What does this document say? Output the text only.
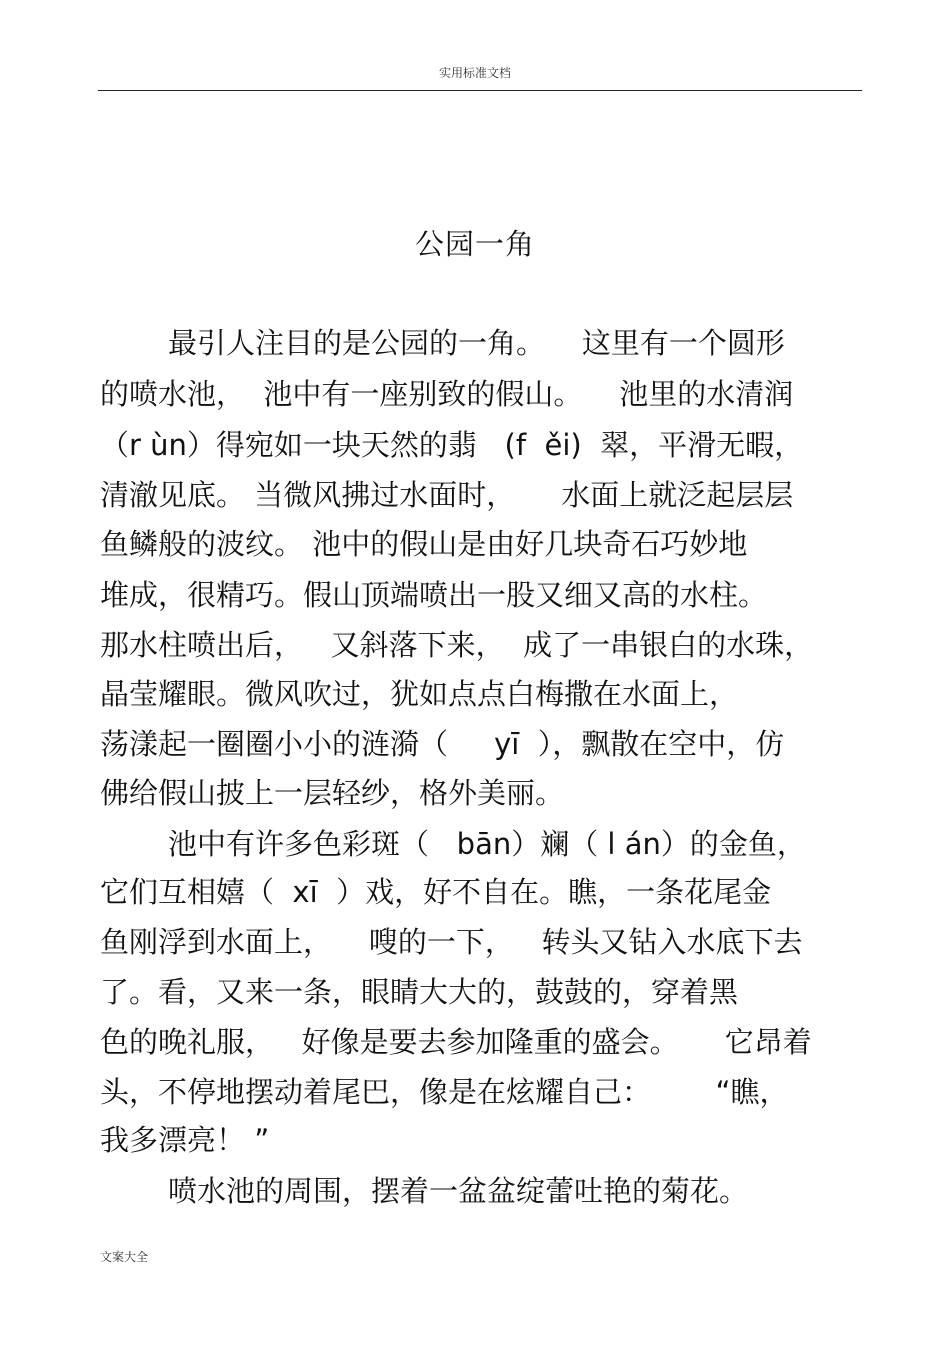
实用标准文档
公园一角

最引人注目的是公园的一角。    这里有一个圆形

的喷水池，  池中有一座别致的假山。    池里的水清润

（r ùn）得宛如一块天然的翡   (f  ěi)  翠，平滑无暇，

清澈见底。 当微风拂过水面时，     水面上就泛起层层

鱼鳞般的波纹。 池中的假山是由好几块奇石巧妙地

堆成，很精巧。假山顶端喷出一股又细又高的水柱。

那水柱喷出后，   又斜落下来，  成了一串银白的水珠，

晶莹耀眼。微风吹过，犹如点点白梅撒在水面上，

荡漾起一圈圈小小的涟漪（     yī  ），飘散在空中，仿

佛给假山披上一层轻纱，格外美丽。

池中有许多色彩斑（   bān）斓（ l án）的金鱼，

它们互相嬉（  xī  ）戏，好不自在。瞧，一条花尾金

鱼刚浮到水面上，    嗖的一下，   转头又钻入水底下去

了。看，又来一条，眼睛大大的，鼓鼓的，穿着黑

色的晚礼服，   好像是要去参加隆重的盛会。     它昂着

头，不停地摆动着尾巴，像是在炫耀自己：       “瞧，

我多漂亮！ ”

喷水池的周围，摆着一盆盆绽蕾吐艳的菊花。

文案大全
